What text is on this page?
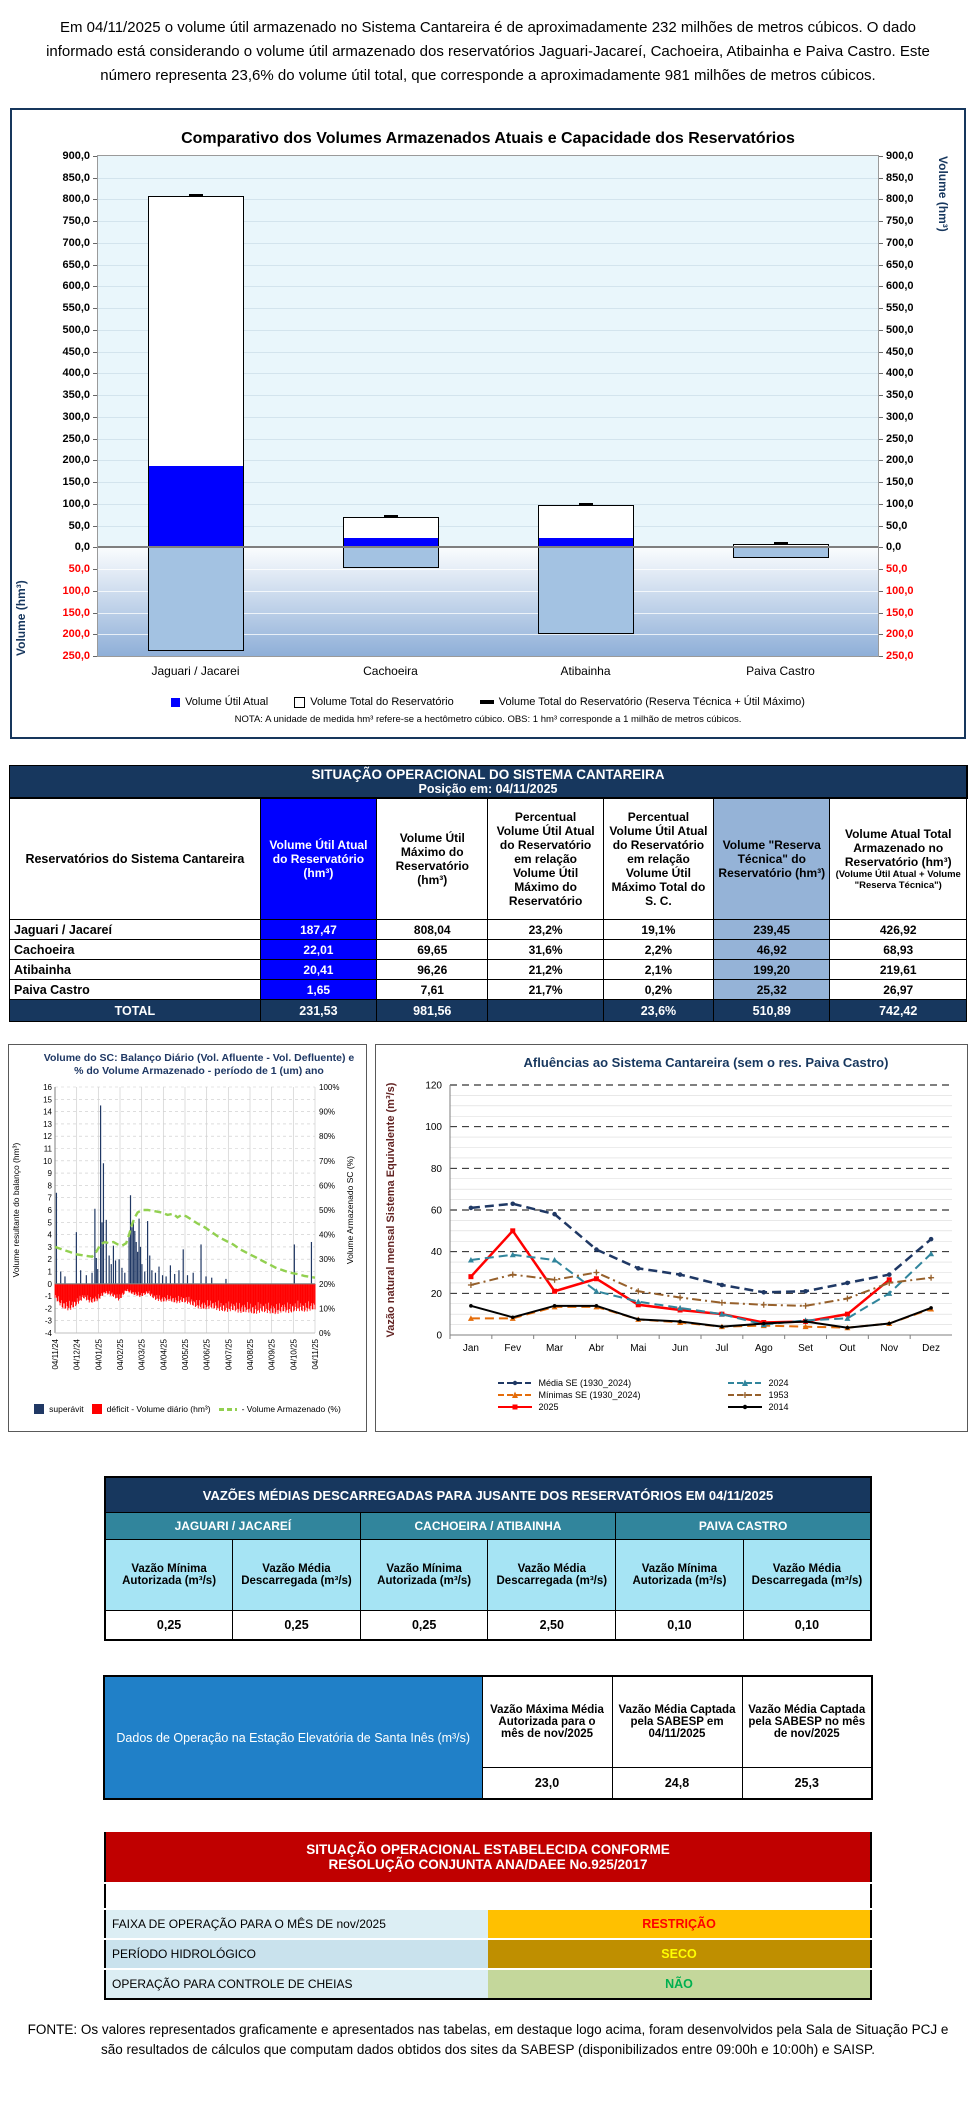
Em 04/11/2025 o volume útil armazenado no Sistema Cantareira é de aproximadamente 232 milhões de metros cúbicos. O dado informado está considerando o volume útil armazenado dos reservatórios Jaguari-Jacareí, Cachoeira, Atibainha e Paiva Castro. Este número representa 23,6% do volume útil total, que corresponde a aproximadamente 981 milhões de metros cúbicos.

Comparativo dos Volumes Armazenados Atuais e Capacidade dos Reservatórios
900,0	900,0
850,0	850,0
800,0	800,0
750,0	750,0
700,0	700,0
650,0	650,0
600,0	600,0
550,0	550,0
500,0	500,0
450,0	450,0
400,0	400,0
350,0	350,0
300,0	300,0
250,0	250,0
200,0	200,0
150,0	150,0
100,0	100,0
50,0	50,0
0,0	0,0
50,0	50,0
100,0	100,0
150,0	150,0
200,0	200,0
250,0	250,0
Jaguari / Jacarei	Cachoeira	Atibainha	Paiva Castro
Volume (hm³)
Volume (hm³)
Volume Útil Atual	Volume Total do Reservatório	Volume Total do Reservatório (Reserva Técnica + Útil Máximo)
NOTA: A unidade de medida hm³ refere-se a hectômetro cúbico. OBS: 1 hm³ corresponde a 1 milhão de metros cúbicos.
SITUAÇÃO OPERACIONAL DO SISTEMA CANTAREIRA
Posição em: 04/11/2025						

Reservatórios do Sistema Cantareira	Volume Útil Atual do Reservatório (hm³)	Volume Útil Máximo do Reservatório (hm³)	Percentual Volume Útil Atual do Reservatório em relação Volume Útil Máximo do Reservatório	Percentual Volume Útil Atual do Reservatório em relação Volume Útil Máximo Total do S. C.	Volume "Reserva Técnica" do Reservatório (hm³)	Volume Atual Total Armazenado no Reservatório (hm³)
(Volume Útil Atual + Volume "Reserva Técnica")

Jaguari / Jacareí	187,47	808,04	23,2%	19,1%	239,45	426,92
Cachoeira	22,01	69,65	31,6%	2,2%	46,92	68,93
Atibainha	20,41	96,26	21,2%	2,1%	199,20	219,61
Paiva Castro	1,65	7,61	21,7%	0,2%	25,32	26,97
TOTAL	231,53	981,56		23,6%	510,89	742,42
Volume do SC: Balanço Diário (Vol. Afluente - Vol. Defluente) e
% do Volume Armazenado - período de 1 (um) ano
16
15
14
13
12
11
10
9
8
7
6
5
4
3
2
1
0
-1
-2
-3
-4	0%
10%
20%
30%
40%
50%
60%
70%
80%
90%
100%
04/11/24 04/12/24 04/01/25 04/02/25 04/03/25 04/04/25 04/05/25 04/06/25 04/07/25 04/08/25 04/09/25 04/10/25 04/11/25
Volume resultante do balanço (hm³)	Volume Armazenado SC (%)
superávit	déficit - Volume diário (hm³)	- Volume Armazenado (%)
Afluências ao Sistema Cantareira (sem o res. Paiva Castro)
0
20
40
60
80
100
120
Jan	Fev Mar	Abr	Mai	Jun	Jul	Ago	Set	Out Nov Dez
Vazão natural mensal Sistema Equivalente (m³/s)
Média SE (1930_2024)	2024
Mínimas SE (1930_2024)	1953
2025	2014
VAZÕES MÉDIAS DESCARREGADAS PARA JUSANTE DOS RESERVATÓRIOS EM 04/11/2025					
JAGUARI / JACAREÍ		CACHOEIRA / ATIBAINHA		PAIVA CASTRO	
Vazão Mínima Autorizada (m³/s)	Vazão Média Descarregada (m³/s)	Vazão Mínima Autorizada (m³/s)	Vazão Média Descarregada (m³/s)	Vazão Mínima Autorizada (m³/s)	Vazão Média Descarregada (m³/s)
0,25	0,25	0,25	2,50	0,10	0,10
Dados de Operação na Estação Elevatória de Santa Inês (m³/s)	Vazão Máxima Média Autorizada para o mês de nov/2025	Vazão Média Captada pela SABESP em 04/11/2025	Vazão Média Captada pela SABESP no mês de nov/2025
	23,0	24,8	25,3
SITUAÇÃO OPERACIONAL ESTABELECIDA CONFORME
RESOLUÇÃO CONJUNTA ANA/DAEE No.925/2017	

FAIXA DE OPERAÇÃO PARA O MÊS DE nov/2025	RESTRIÇÃO
PERÍODO HIDROLÓGICO	SECO
OPERAÇÃO PARA CONTROLE DE CHEIAS	NÃO

FONTE: Os valores representados graficamente e apresentados nas tabelas, em destaque logo acima, foram desenvolvidos pela Sala de Situação PCJ e são resultados de cálculos que computam dados obtidos dos sites da SABESP (disponibilizados entre 09:00h e 10:00h) e SAISP.
